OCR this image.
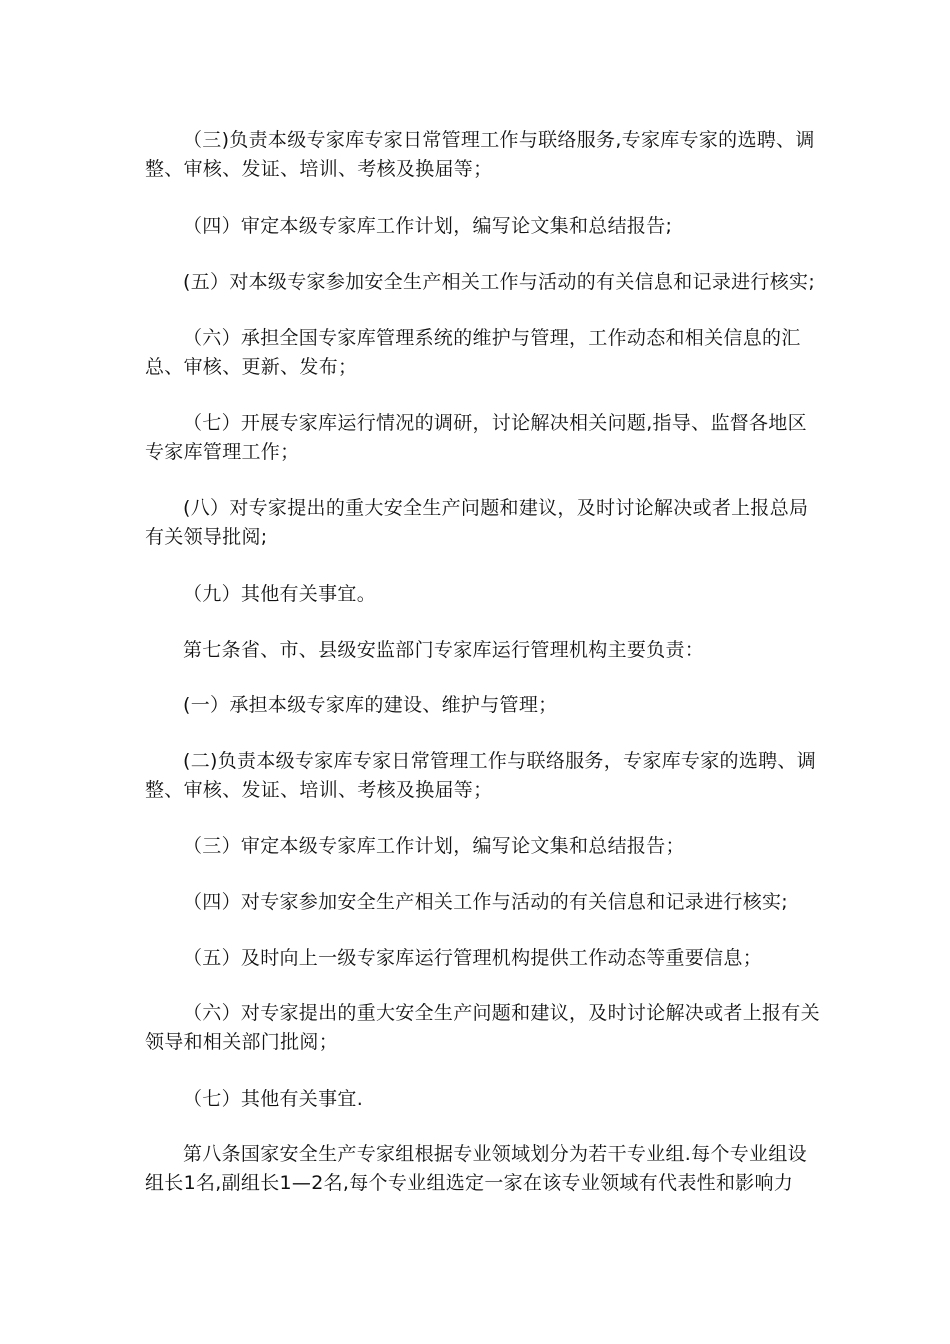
（三)负责本级专家库专家日常管理工作与联络服务,专家库专家的选聘、调整、审核、发证、培训、考核及换届等；

（四）审定本级专家库工作计划，编写论文集和总结报告;

(五）对本级专家参加安全生产相关工作与活动的有关信息和记录进行核实;

（六）承担全国专家库管理系统的维护与管理，工作动态和相关信息的汇总、审核、更新、发布；

（七）开展专家库运行情况的调研，讨论解决相关问题,指导、监督各地区专家库管理工作；

(八）对专家提出的重大安全生产问题和建议，及时讨论解决或者上报总局有关领导批阅;

（九）其他有关事宜。

第七条省、市、县级安监部门专家库运行管理机构主要负责：

(一）承担本级专家库的建设、维护与管理；

(二)负责本级专家库专家日常管理工作与联络服务，专家库专家的选聘、调整、审核、发证、培训、考核及换届等；

（三）审定本级专家库工作计划，编写论文集和总结报告；

（四）对专家参加安全生产相关工作与活动的有关信息和记录进行核实;

（五）及时向上一级专家库运行管理机构提供工作动态等重要信息；

（六）对专家提出的重大安全生产问题和建议，及时讨论解决或者上报有关领导和相关部门批阅；

（七）其他有关事宜.

第八条国家安全生产专家组根据专业领域划分为若干专业组.每个专业组设组长1名,副组长1—2名,每个专业组选定一家在该专业领域有代表性和影响力
